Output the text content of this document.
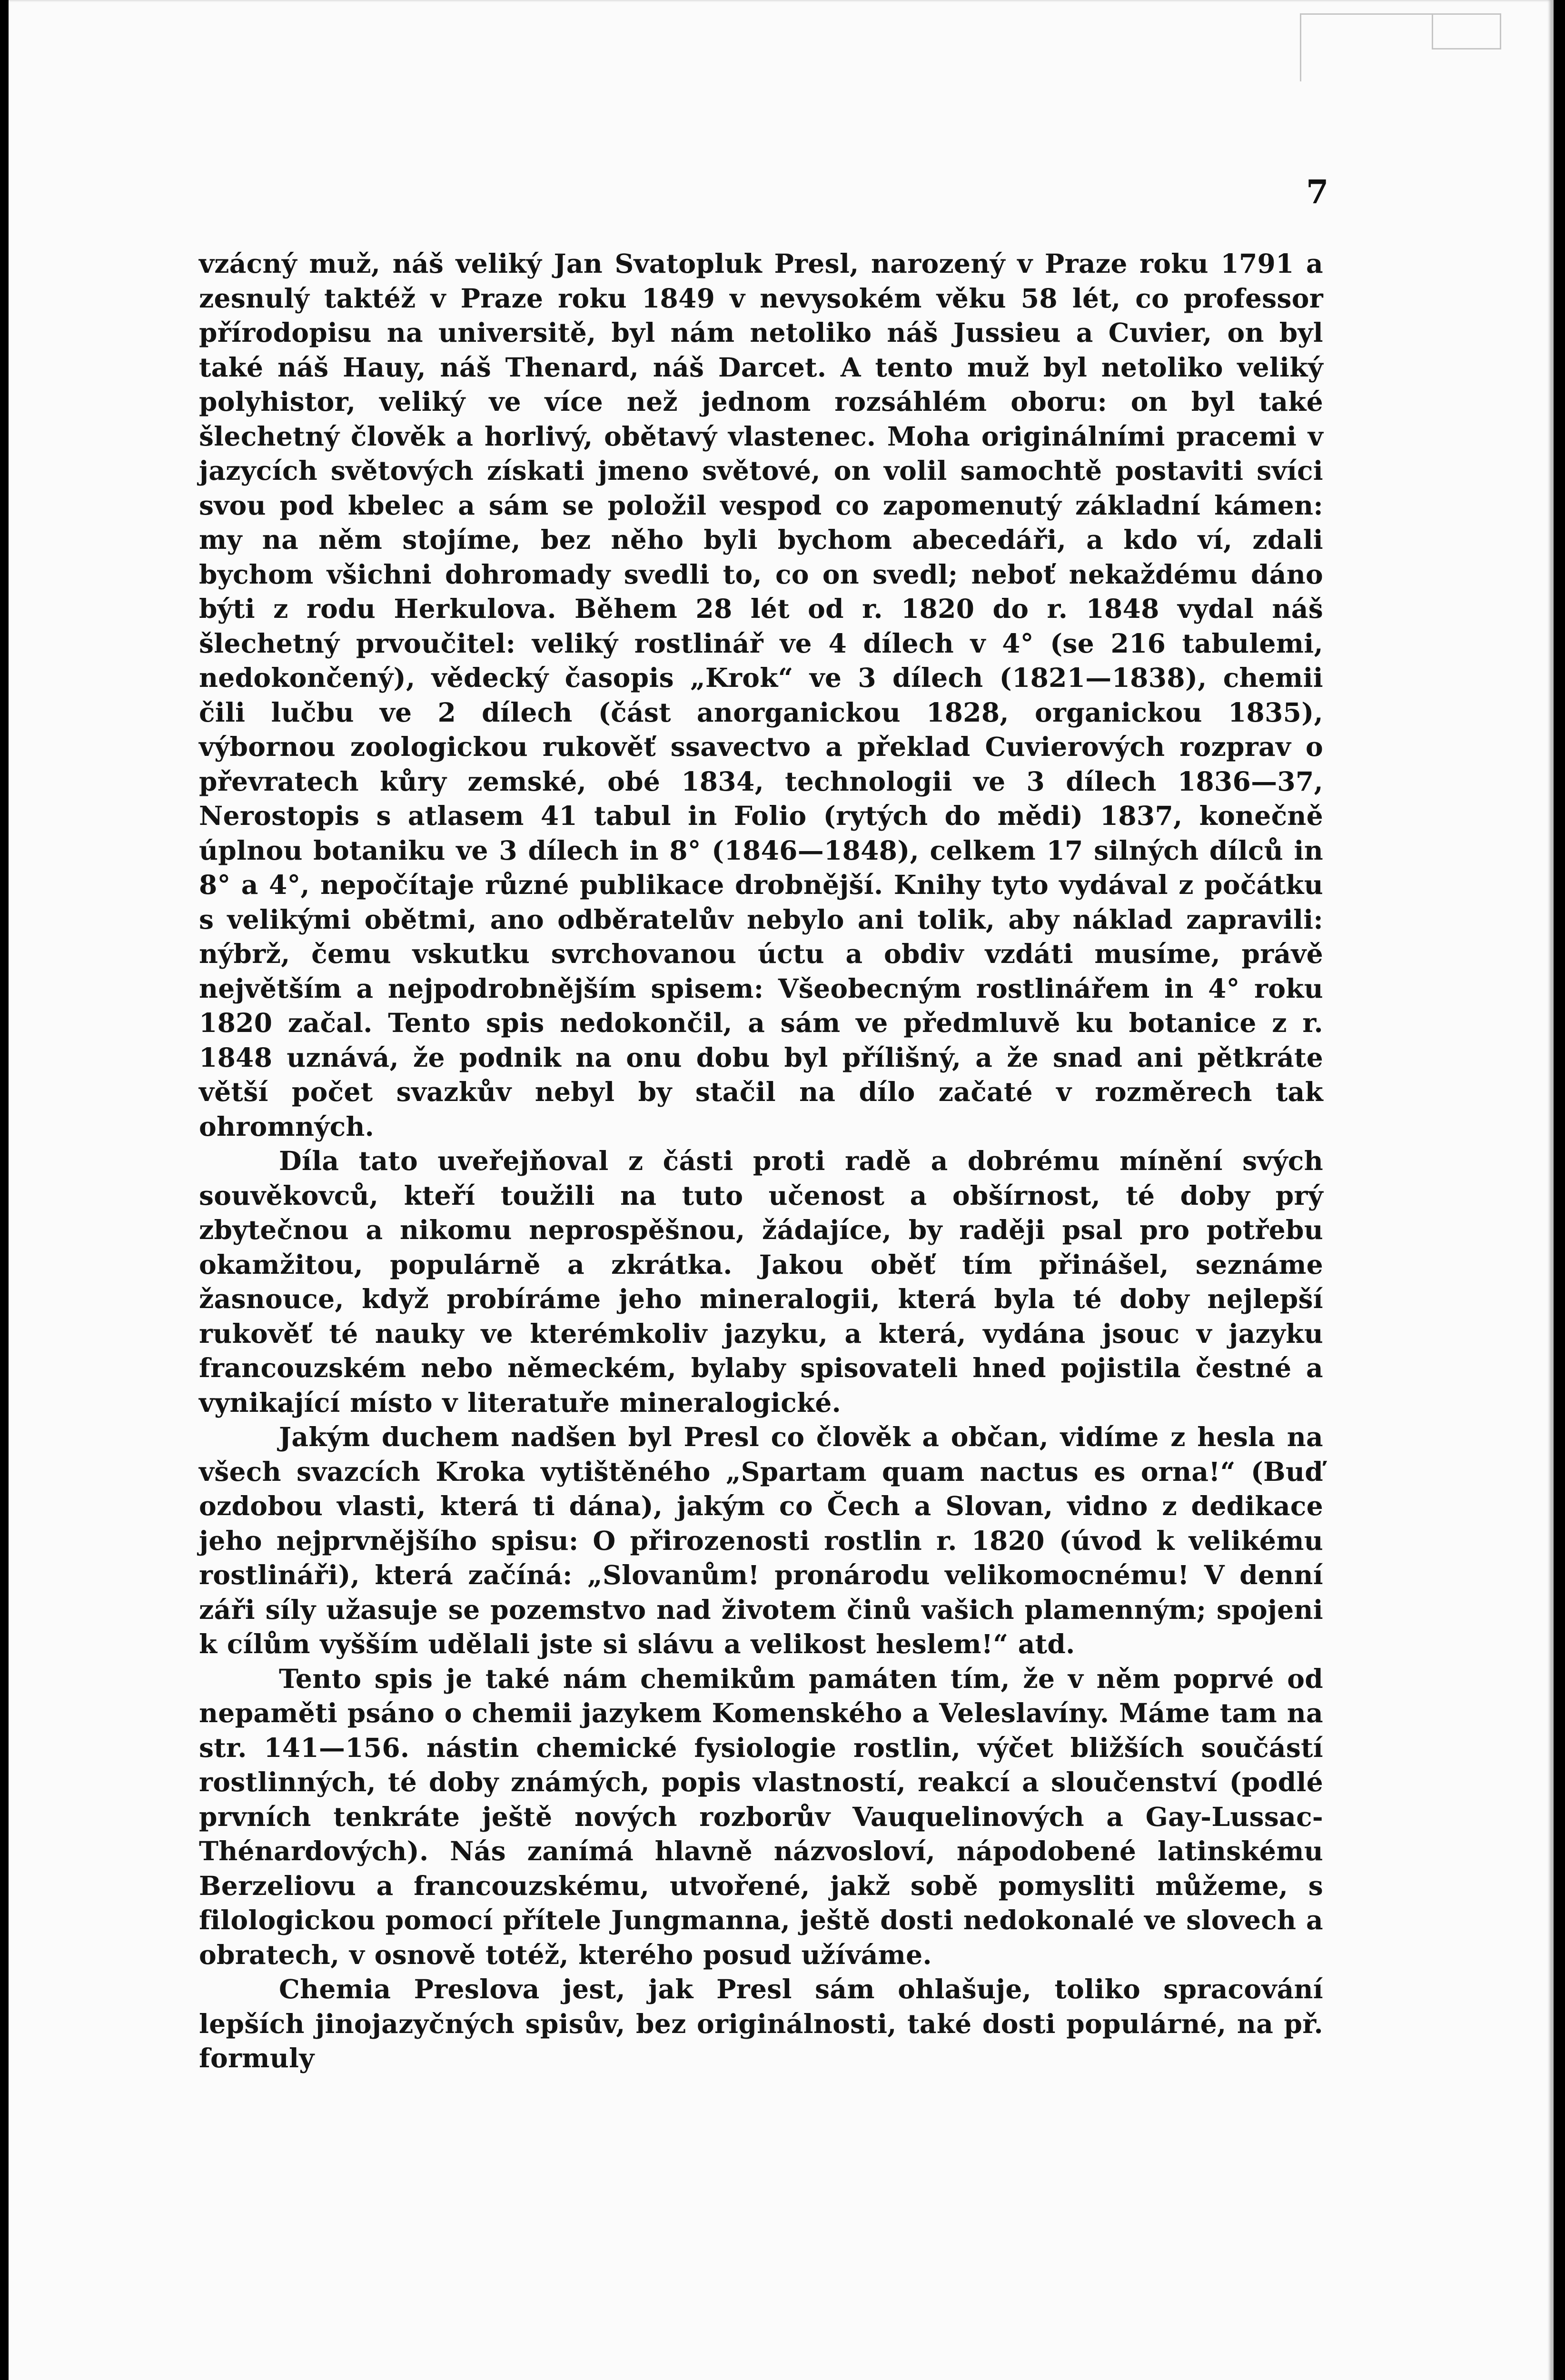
7

vzácný muž, náš veliký Jan Svatopluk Presl, narozený v Praze roku 1791 a zesnulý taktéž v Praze roku 1849 v nevysokém věku 58 lét, co professor přírodopisu na universitě, byl nám netoliko náš Jussieu a Cuvier, on byl také náš Hauy, náš Thenard, náš Darcet. A tento muž byl netoliko veliký polyhistor, veliký ve více než jednom rozsáhlém oboru: on byl také šlechetný člověk a horlivý, obětavý vlastenec. Moha originálními pracemi v jazycích světových získati jmeno světové, on volil samochtě postaviti svíci svou pod kbelec a sám se položil vespod co zapomenutý základní kámen: my na něm stojíme, bez něho byli bychom abecedáři, a kdo ví, zdali bychom všichni dohromady svedli to, co on svedl; neboť nekaždému dáno býti z rodu Herkulova. Během 28 lét od r. 1820 do r. 1848 vydal náš šlechetný prvoučitel: veliký rostlinář ve 4 dílech v 4° (se 216 tabulemi, nedokončený), vědecký časopis „Krok“ ve 3 dílech (1821—1838), chemii čili lučbu ve 2 dílech (část anorganickou 1828, organickou 1835), výbornou zoologickou rukověť ssavectvo a překlad Cuvierových rozprav o převratech kůry zemské, obé 1834, technologii ve 3 dílech 1836—37, Nerostopis s atlasem 41 tabul in Folio (rytých do mědi) 1837, konečně úplnou botaniku ve 3 dílech in 8° (1846—1848), celkem 17 silných dílců in 8° a 4°, nepočítaje různé publikace drobnější. Knihy tyto vydával z počátku s velikými obětmi, ano odběratelův nebylo ani tolik, aby náklad zapravili: nýbrž, čemu vskutku svrchovanou úctu a obdiv vzdáti musíme, právě největším a nejpodrobnějším spisem: Všeobecným rostlinářem in 4° roku 1820 začal. Tento spis nedokončil, a sám ve předmluvě ku botanice z r. 1848 uznává, že podnik na onu dobu byl přílišný, a že snad ani pětkráte větší počet svazkův nebyl by stačil na dílo začaté v rozměrech tak ohromných.

Díla tato uveřejňoval z části proti radě a dobrému mínění svých souvěkovců, kteří toužili na tuto učenost a obšírnost, té doby prý zbytečnou a nikomu neprospěšnou, žádajíce, by raději psal pro potřebu okamžitou, populárně a zkrátka. Jakou oběť tím přinášel, seznáme žasnouce, když probíráme jeho mineralogii, která byla té doby nejlepší rukověť té nauky ve kterémkoliv jazyku, a která, vydána jsouc v jazyku francouzském nebo německém, bylaby spisovateli hned pojistila čestné a vynikající místo v literatuře mineralogické.

Jakým duchem nadšen byl Presl co člověk a občan, vidíme z hesla na všech svazcích Kroka vytištěného „Spartam quam nactus es orna!“ (Buď ozdobou vlasti, která ti dána), jakým co Čech a Slovan, vidno z dedikace jeho nejprvnějšího spisu: O přirozenosti rostlin r. 1820 (úvod k velikému rostlináři), která začíná: „Slovanům! pronárodu velikomocnému! V denní záři síly užasuje se pozemstvo nad životem činů vašich plamenným; spojeni k cílům vyšším udělali jste si slávu a velikost heslem!“ atd.

Tento spis je také nám chemikům památen tím, že v něm poprvé od nepaměti psáno o chemii jazykem Komenského a Veleslavíny. Máme tam na str. 141—156. nástin chemické fysiologie rostlin, výčet bližších součástí rostlinných, té doby známých, popis vlastností, reakcí a sloučenství (podlé prvních tenkráte ještě nových rozborův Vauquelinových a Gay-Lussac-Thénardových). Nás zanímá hlavně názvosloví, nápodobené latinskému Berzeliovu a francouzskému, utvořené, jakž sobě pomysliti můžeme, s filologickou pomocí přítele Jungmanna, ještě dosti nedokonalé ve slovech a obratech, v osnově totéž, kterého posud užíváme.

Chemia Preslova jest, jak Presl sám ohlašuje, toliko spracování lepších jinojazyčných spisův, bez originálnosti, také dosti populárné, na př. formuly
